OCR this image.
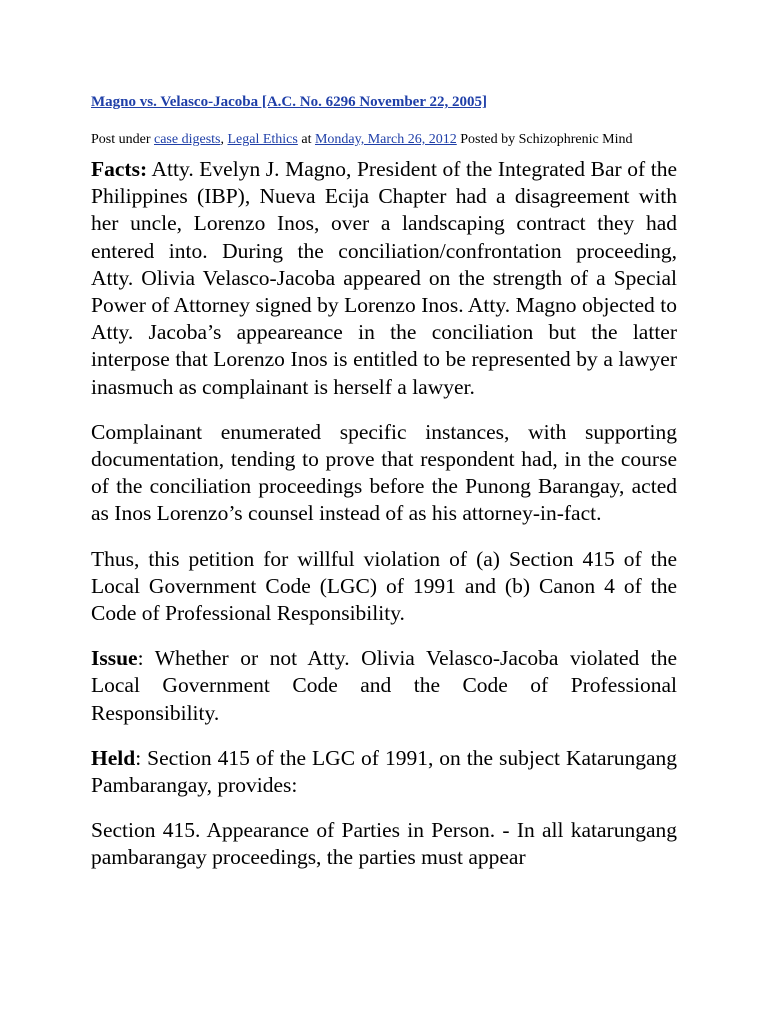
Magno vs. Velasco-Jacoba [A.C. No. 6296 November 22, 2005]
Post under case digests, Legal Ethics at Monday, March 26, 2012 Posted by Schizophrenic Mind

Facts: Atty. Evelyn J. Magno, President of the Integrated Bar of the Philippines (IBP), Nueva Ecija Chapter had a disagreement with her uncle, Lorenzo Inos, over a landscaping contract they had entered into. During the conciliation/confrontation proceeding, Atty. Olivia Velasco-Jacoba appeared on the strength of a Special Power of Attorney signed by Lorenzo Inos. Atty. Magno objected to Atty. Jacoba’s appeareance in the conciliation but the latter interpose that Lorenzo Inos is entitled to be represented by a lawyer inasmuch as complainant is herself a lawyer.

Complainant enumerated specific instances, with supporting documentation, tending to prove that respondent had, in the course of the conciliation proceedings before the Punong Barangay, acted as Inos Lorenzo’s counsel instead of as his attorney-in-fact.

Thus, this petition for willful violation of (a) Section 415 of the Local Government Code (LGC) of 1991 and (b) Canon 4 of the Code of Professional Responsibility.

Issue: Whether or not Atty. Olivia Velasco-Jacoba violated the Local Government Code and the Code of Professional Responsibility.

Held: Section 415 of the LGC of 1991, on the subject Katarungang Pambarangay, provides:

Section 415. Appearance of Parties in Person. - In all katarungang pambarangay proceedings, the parties must appear
